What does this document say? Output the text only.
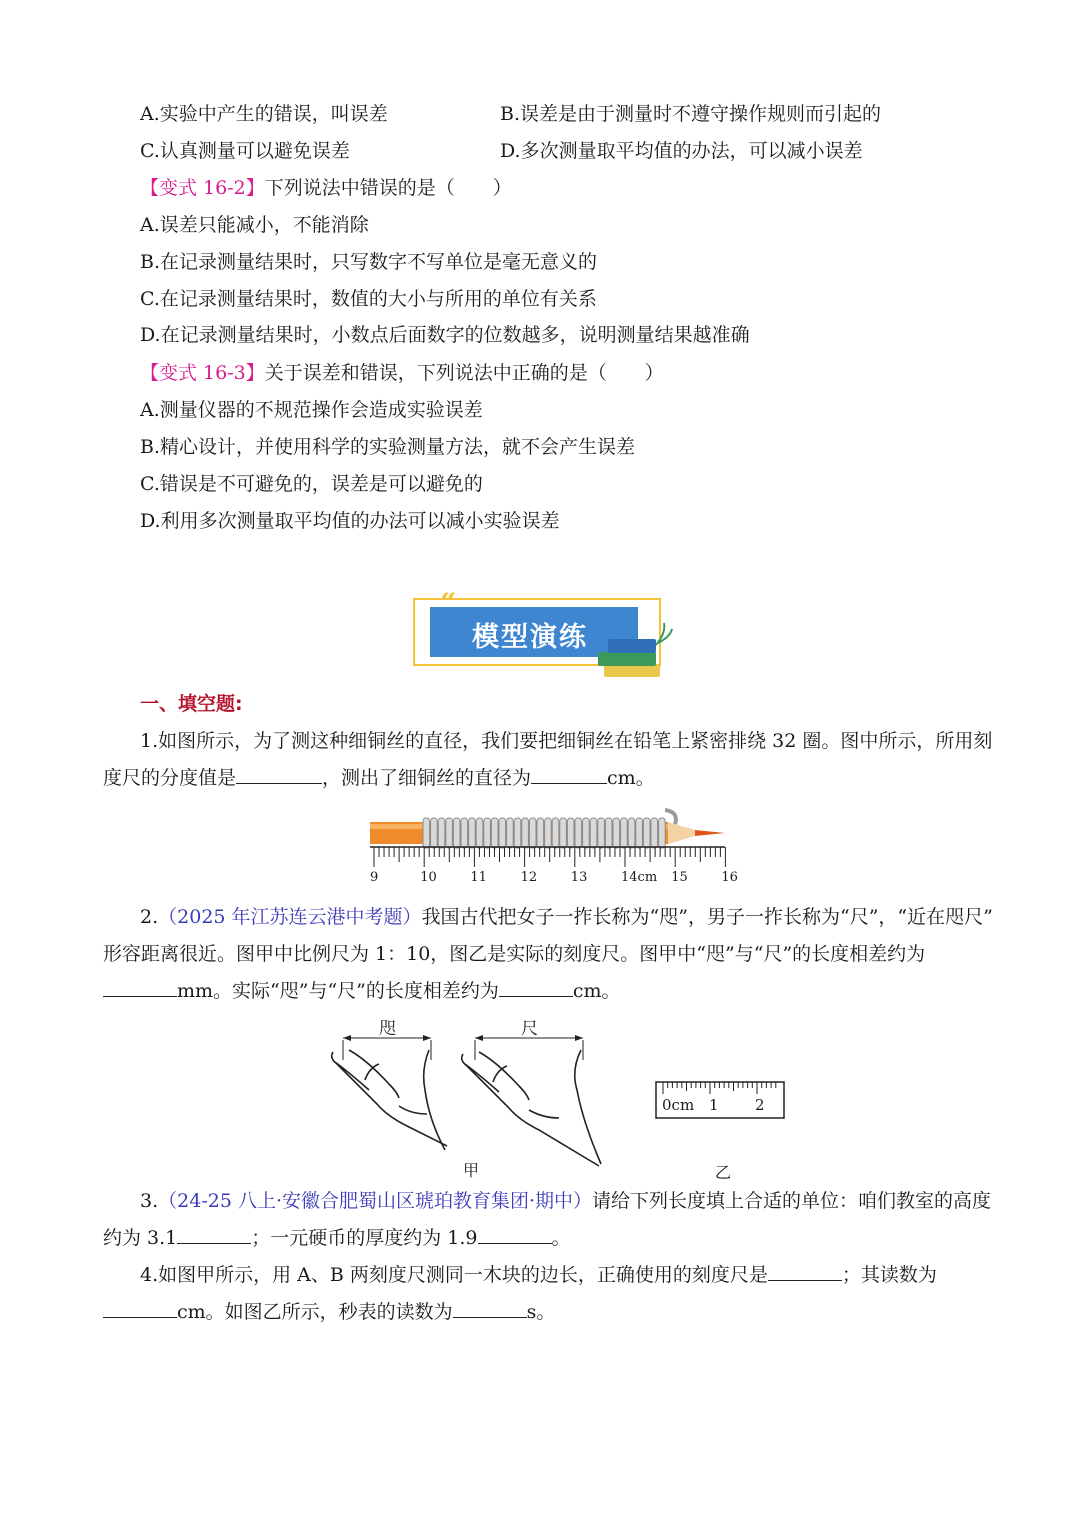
A.实验中产生的错误，叫误差	B.误差是由于测量时不遵守操作规则而引起的
C.认真测量可以避免误差	D.多次测量取平均值的办法，可以减小误差
【变式 16-2】下列说法中错误的是（　　）
A.误差只能减小，不能消除
B.在记录测量结果时，只写数字不写单位是毫无意义的
C.在记录测量结果时，数值的大小与所用的单位有关系
D.在记录测量结果时，小数点后面数字的位数越多，说明测量结果越准确
【变式 16-3】关于误差和错误，下列说法中正确的是（　　）
A.测量仪器的不规范操作会造成实验误差
B.精心设计，并使用科学的实验测量方法，就不会产生误差
C.错误是不可避免的，误差是可以避免的
D.利用多次测量取平均值的办法可以减小实验误差
“
模型演练
一、填空题:
1.如图所示，为了测这种细铜丝的直径，我们要把细铜丝在铅笔上紧密排绕 32 圈。图中所示，所用刻
度尺的分度值是	，测出了细铜丝的直径为	cm。
9	10	11	12	13	14cm 15	16
2.（2025 年江苏连云港中考题）我国古代把女子一拃长称为“咫”，男子一拃长称为“尺”，“近在咫尺”
形容距离很近。图甲中比例尺为 1：10，图乙是实际的刻度尺。图甲中“咫”与“尺”的长度相差约为
mm。实际“咫”与“尺”的长度相差约为	cm。
咫	尺
甲	乙
0cm 1 2
3.（24-25 八上·安徽合肥蜀山区琥珀教育集团·期中）请给下列长度填上合适的单位：咱们教室的高度
约为 3.1	；一元硬币的厚度约为 1.9	。
4.如图甲所示，用 A、B 两刻度尺测同一木块的边长，正确使用的刻度尺是	；其读数为
cm。如图乙所示，秒表的读数为	s。
